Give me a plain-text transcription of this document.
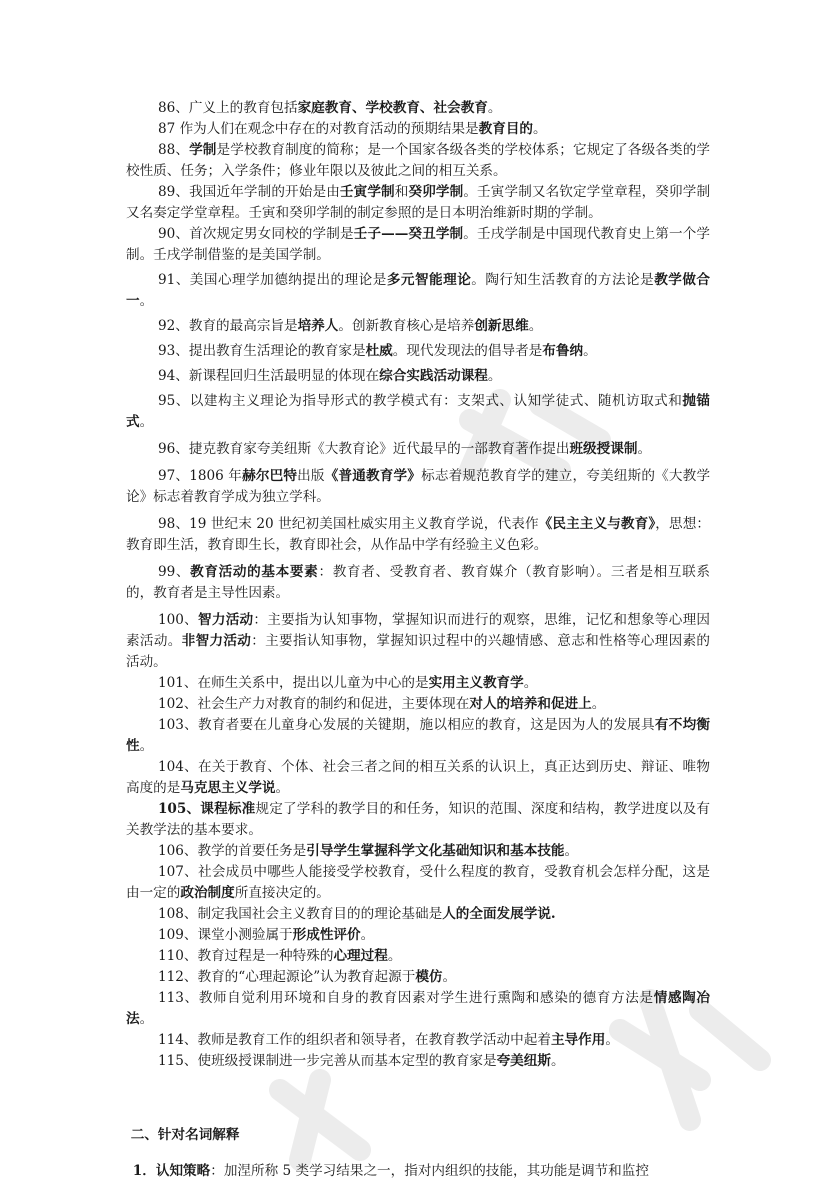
86、广义上的教育包括家庭教育、学校教育、社会教育。

87 作为人们在观念中存在的对教育活动的预期结果是教育目的。

88、学制是学校教育制度的简称；是一个国家各级各类的学校体系；它规定了各级各类的学校性质、任务；入学条件；修业年限以及彼此之间的相互关系。

89、我国近年学制的开始是由壬寅学制和癸卯学制。壬寅学制又名钦定学堂章程，癸卯学制又名奏定学堂章程。壬寅和癸卯学制的制定参照的是日本明治维新时期的学制。

90、首次规定男女同校的学制是壬子——癸丑学制。壬戌学制是中国现代教育史上第一个学制。壬戌学制借鉴的是美国学制。

91、美国心理学加德纳提出的理论是多元智能理论。陶行知生活教育的方法论是教学做合一。

92、教育的最高宗旨是培养人。创新教育核心是培养创新思维。

93、提出教育生活理论的教育家是杜威。现代发现法的倡导者是布鲁纳。

94、新课程回归生活最明显的体现在综合实践活动课程。

95、以建构主义理论为指导形式的教学模式有：支架式、认知学徒式、随机访取式和抛锚式。

96、捷克教育家夸美纽斯《大教育论》近代最早的一部教育著作提出班级授课制。

97、1806 年赫尔巴特出版《普通教育学》标志着规范教育学的建立，夸美纽斯的《大教学论》标志着教育学成为独立学科。

98、19 世纪末 20 世纪初美国杜威实用主义教育学说，代表作《民主主义与教育》，思想：教育即生活，教育即生长，教育即社会，从作品中学有经验主义色彩。

99、教育活动的基本要素：教育者、受教育者、教育媒介（教育影响）。三者是相互联系的，教育者是主导性因素。

100、智力活动：主要指为认知事物，掌握知识而进行的观察，思维，记忆和想象等心理因素活动。非智力活动：主要指认知事物，掌握知识过程中的兴趣情感、意志和性格等心理因素的活动。

101、在师生关系中，提出以儿童为中心的是实用主义教育学。

102、社会生产力对教育的制约和促进，主要体现在对人的培养和促进上。

103、教育者要在儿童身心发展的关键期，施以相应的教育，这是因为人的发展具有不均衡性。

104、在关于教育、个体、社会三者之间的相互关系的认识上，真正达到历史、辩证、唯物高度的是马克思主义学说。

105、课程标准规定了学科的教学目的和任务，知识的范围、深度和结构，教学进度以及有关教学法的基本要求。

106、教学的首要任务是引导学生掌握科学文化基础知识和基本技能。

107、社会成员中哪些人能接受学校教育，受什么程度的教育，受教育机会怎样分配，这是由一定的政治制度所直接决定的。

108、制定我国社会主义教育目的的理论基础是人的全面发展学说.

109、课堂小测验属于形成性评价。

110、教育过程是一种特殊的心理过程。

112、教育的“心理起源论”认为教育起源于模仿。

113、教师自觉利用环境和自身的教育因素对学生进行熏陶和感染的德育方法是情感陶冶法。

114、教师是教育工作的组织者和领导者，在教育教学活动中起着主导作用。

115、使班级授课制进一步完善从而基本定型的教育家是夸美纽斯。

二、针对名词解释

1．认知策略：加涅所称 5 类学习结果之一，指对内组织的技能，其功能是调节和监控
